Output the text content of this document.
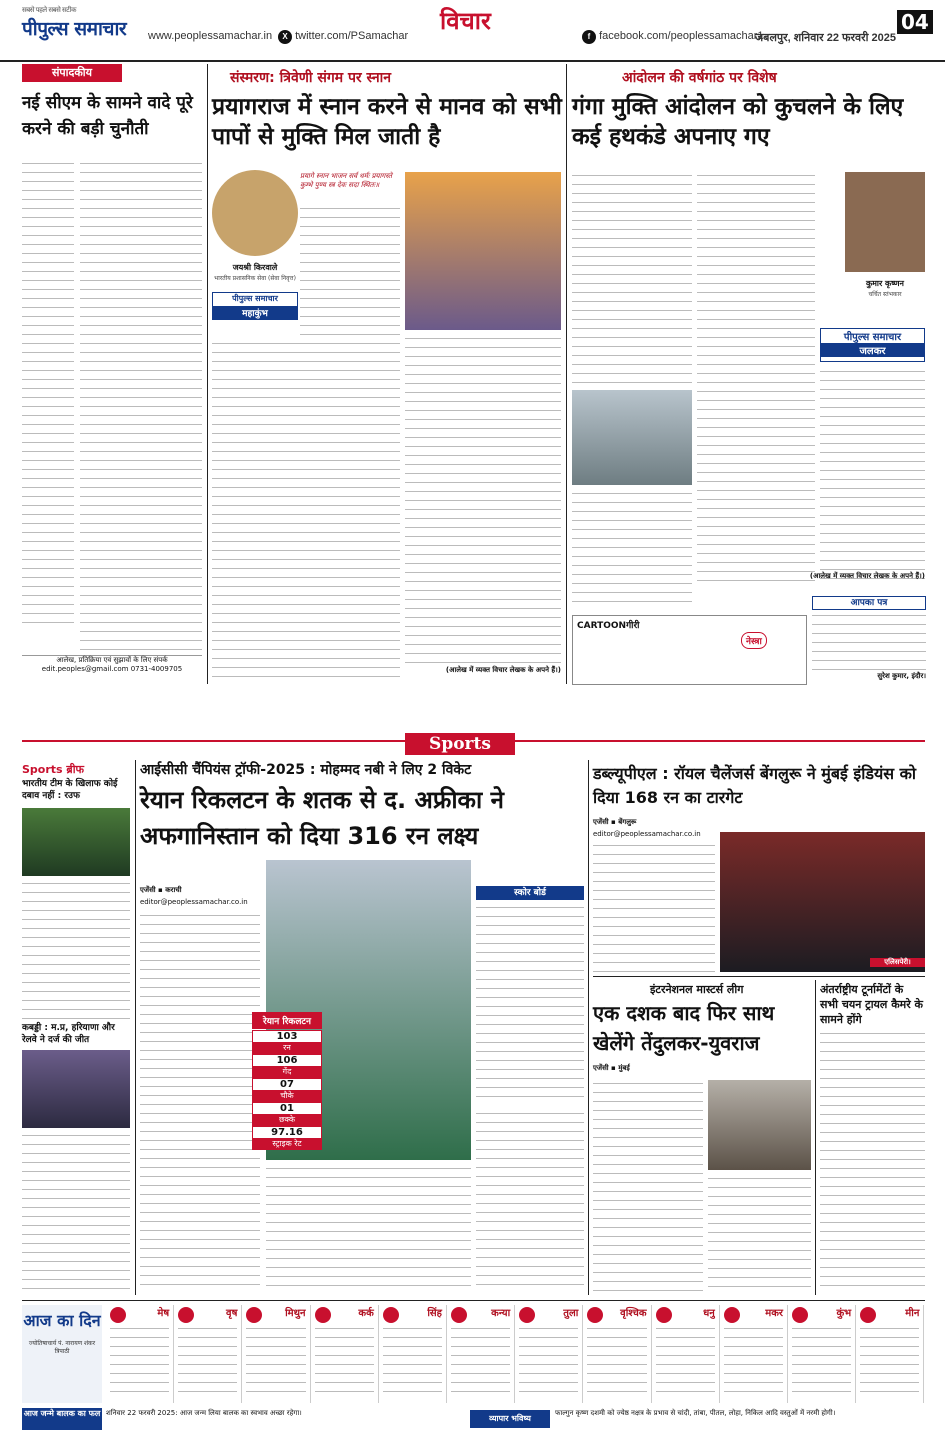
सबसे पहले सबसे सटीक
पीपुल्स समाचार www.peoplessamachar.in	X twitter.com/PSamachar
विचार
f facebook.com/peoplessamachar1
जबलपुर, शनिवार 22 फरवरी 2025
04
संपादकीय
नई सीएम के सामने वादे पूरे करने की बड़ी चुनौती
आलेख, प्रतिक्रिया एवं सुझावों के लिए संपर्क
edit.peoples@gmail.com 0731-4009705
संस्मरण: त्रिवेणी संगम पर स्नान
प्रयागराज में स्नान करने से मानव को सभी पापों से मुक्ति मिल जाती है
जयश्री किरवाले
भारतीय प्रशासनिक सेवा (सेवा निवृत्त)
पीपुल्स समाचार
महाकुंभ
प्रयागे स्नान भाजन सर्व धर्मः प्रयागस्ते कुम्भे पुण्य स्त्र देवः सदा स्थितः॥
(आलेख में व्यक्त विचार लेखक के अपने हैं।)
आंदोलन की वर्षगांठ पर विशेष
गंगा मुक्ति आंदोलन को कुचलने के लिए कई हथकंडे अपनाए गए
कुमार कृष्णन
चर्चित स्तंभकार
पीपुल्स समाचार
जलकर
(आलेख में व्यक्त विचार लेखक के अपने हैं।)
CARTOONगीरी
नेस्त्रा
आपका पत्र
सुरेश कुमार, इंदौर।
Sports
Sports ब्रीफ
भारतीय टीम के खिलाफ कोई दबाव नहीं : रउफ
कबड्डी : म.प्र, हरियाणा और रेलवे ने दर्ज की जीत
आईसीसी चैंपियंस ट्रॉफी-2025 : मोहम्मद नबी ने लिए 2 विकेट
रेयान रिकलटन के शतक से द. अफ्रीका ने अफगानिस्तान को दिया 316 रन लक्ष्य
एजेंसी ▪ कराची
editor@peoplessamachar.co.in
रेयान रिकलटन
103
रन
106
गेंद
07
चौके
01
छक्के
97.16
स्ट्राइक रेट
स्कोर बोर्ड
डब्ल्यूपीएल : रॉयल चैलेंजर्स बेंगलुरू ने मुंबई इंडियंस को दिया 168 रन का टारगेट
एजेंसी ▪ बेंगलुरू
editor@peoplessamachar.co.in
एलिसपेरी।
इंटरनेशनल मास्टर्स लीग
एक दशक बाद फिर साथ खेलेंगे तेंदुलकर-युवराज
एजेंसी ▪ मुंबई
अंतर्राष्ट्रीय टूर्नामेंटों के सभी चयन ट्रायल कैमरे के सामने होंगे
आज का दिन
ज्योतिषाचार्य पं. नारायण शंकर त्रिपाठी
मेष	वृष	मिथुन	कर्क	सिंह	कन्या	तुला	वृश्चिक	धनु	मकर	कुंभ	मीन
आज जन्मे बालक का फल शनिवार 22 फरवरी 2025: आज जन्म लिया बालक का स्वभाव अच्छा रहेगा।
व्यापार भविष्य
फाल्गुन कृष्ण दशमी को ज्येष्ठ नक्षत्र के प्रभाव से चांदी, तांबा, पीतल, लोहा, निकिल आदि वस्तुओं में नरमी होगी।
